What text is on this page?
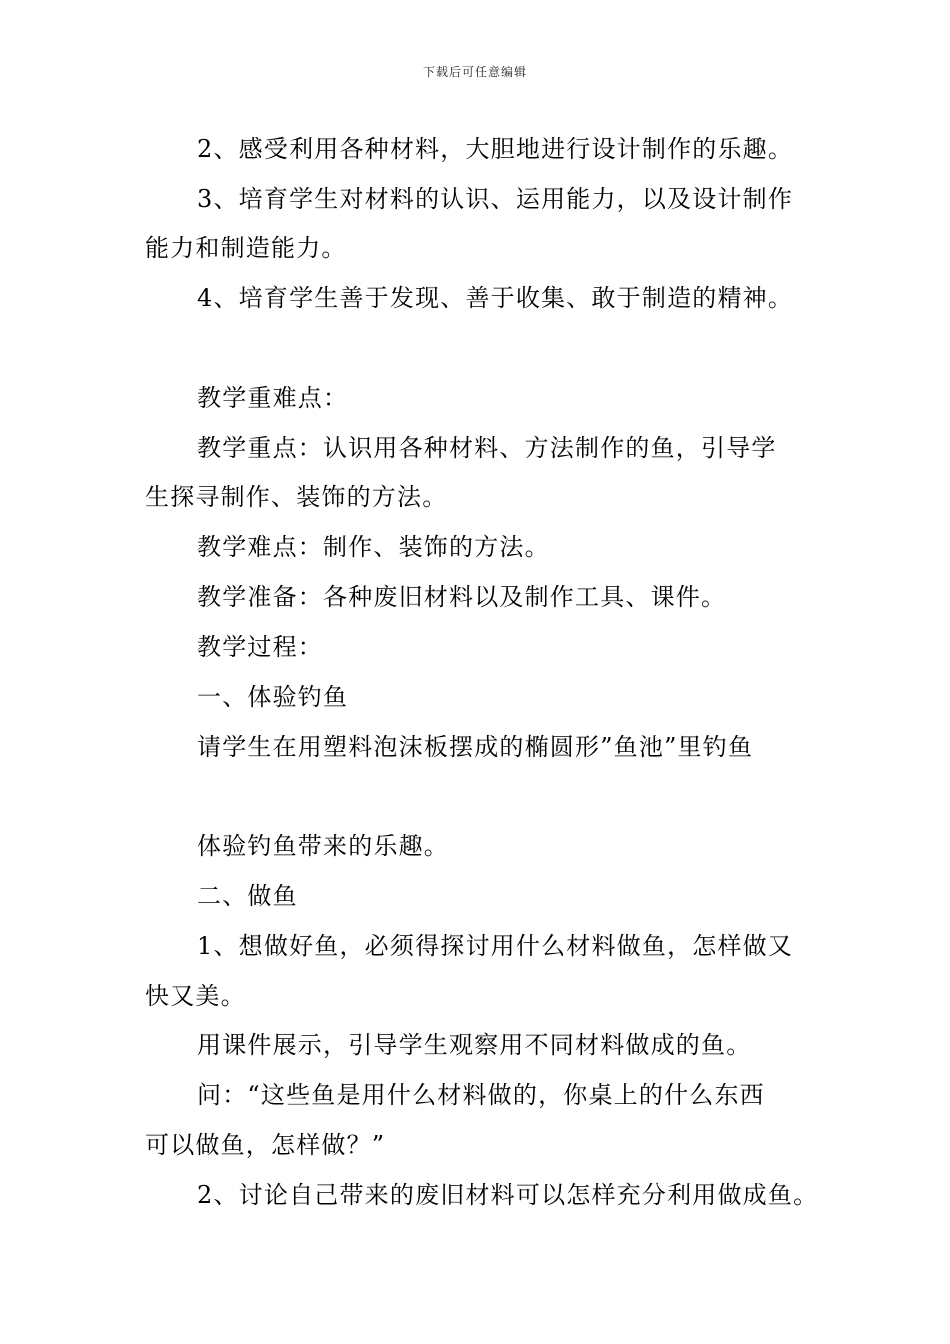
下载后可任意编辑
2、感受利用各种材料，大胆地进行设计制作的乐趣。
3、培育学生对材料的认识、运用能力，以及设计制作
能力和制造能力。
4、培育学生善于发现、善于收集、敢于制造的精神。
教学重难点：
教学重点：认识用各种材料、方法制作的鱼，引导学
生探寻制作、装饰的方法。
教学难点：制作、装饰的方法。
教学准备：各种废旧材料以及制作工具、课件。
教学过程：
一、体验钓鱼
请学生在用塑料泡沫板摆成的椭圆形”鱼池”里钓鱼
体验钓鱼带来的乐趣。
二、做鱼
1、想做好鱼，必须得探讨用什么材料做鱼，怎样做又
快又美。
用课件展示，引导学生观察用不同材料做成的鱼。
问：“这些鱼是用什么材料做的，你桌上的什么东西
可以做鱼，怎样做？”
2、讨论自己带来的废旧材料可以怎样充分利用做成鱼。
